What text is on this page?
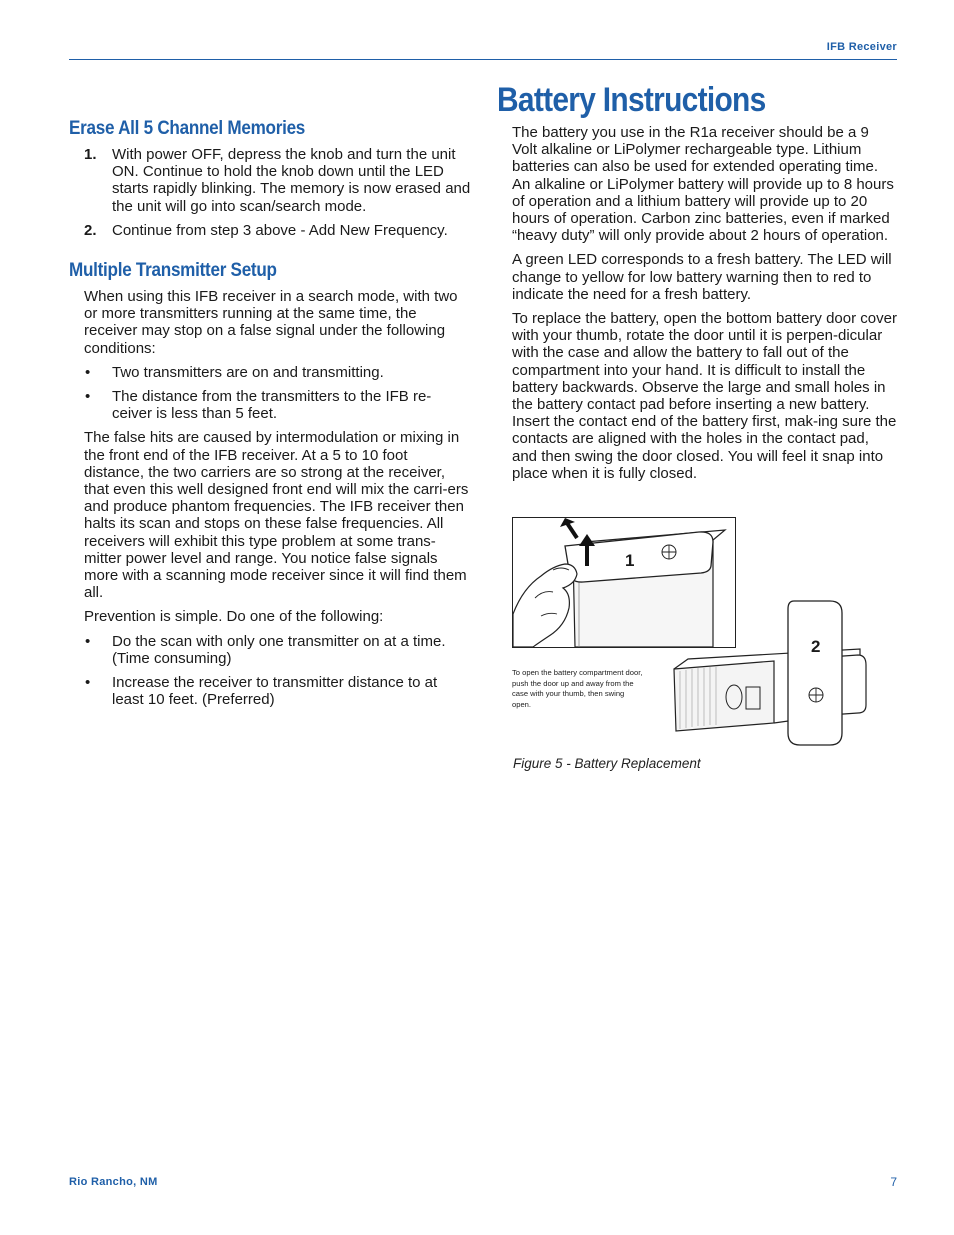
IFB Receiver
Erase All 5 Channel Memories
1. With power OFF, depress the knob and turn the unit ON. Continue to hold the knob down until the LED starts rapidly blinking. The memory is now erased and the unit will go into scan/search mode.
2. Continue from step 3 above - Add New Frequency.
Multiple Transmitter Setup

When using this IFB receiver in a search mode, with two or more transmitters running at the same time, the receiver may stop on a false signal under the following conditions:

• Two transmitters are on and transmitting.
• The distance from the transmitters to the IFB re-ceiver is less than 5 feet.

The false hits are caused by intermodulation or mixing in the front end of the IFB receiver. At a 5 to 10 foot distance, the two carriers are so strong at the receiver, that even this well designed front end will mix the carri-ers and produce phantom frequencies. The IFB receiver then halts its scan and stops on these false frequencies. All receivers will exhibit this type problem at some trans-mitter power level and range. You notice false signals more with a scanning mode receiver since it will find them all.

Prevention is simple. Do one of the following:

• Do the scan with only one transmitter on at a time. (Time consuming)
• Increase the receiver to transmitter distance to at least 10 feet. (Preferred)
Battery Instructions

The battery you use in the R1a receiver should be a 9 Volt alkaline or LiPolymer rechargeable type. Lithium batteries can also be used for extended operating time. An alkaline or LiPolymer battery will provide up to 8 hours of operation and a lithium battery will provide up to 20 hours of operation. Carbon zinc batteries, even if marked “heavy duty” will only provide about 2 hours of operation.

A green LED corresponds to a fresh battery. The LED will change to yellow for low battery warning then to red to indicate the need for a fresh battery.

To replace the battery, open the bottom battery door cover with your thumb, rotate the door until it is perpen-dicular with the case and allow the battery to fall out of the compartment into your hand. It is difficult to install the battery backwards. Observe the large and small holes in the battery contact pad before inserting a new battery. Insert the contact end of the battery first, mak-ing sure the contacts are aligned with the holes in the contact pad, and then swing the door closed. You will feel it snap into place when it is fully closed.

1
2
To open the battery compartment door, push the door up and away from the case with your thumb, then swing open.
Figure 5 - Battery Replacement
Rio Rancho, NM	7
